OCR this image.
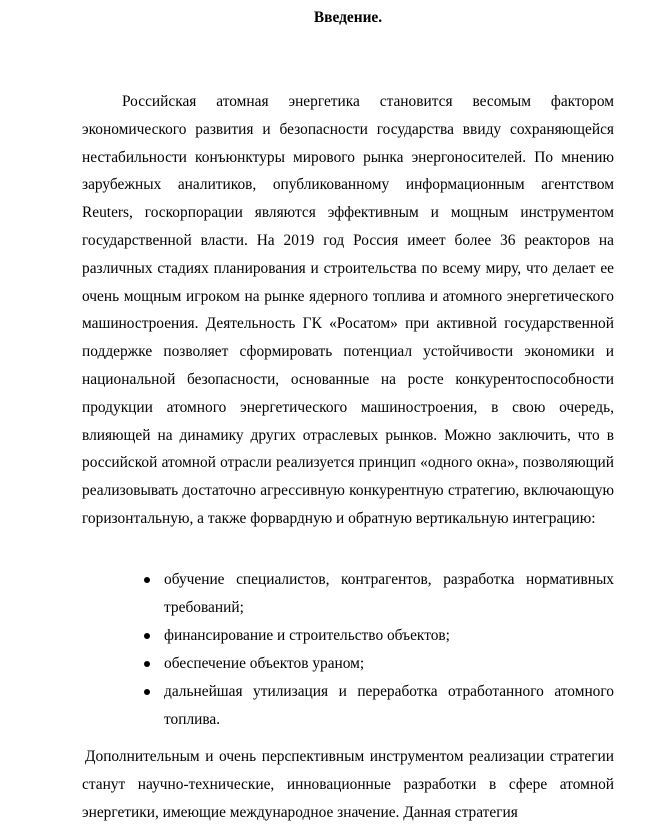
Введение.

Российская атомная энергетика становится весомым фактором экономического развития и безопасности государства ввиду сохраняющейся нестабильности конъюнктуры мирового рынка энергоносителей. По мнению зарубежных аналитиков, опубликованному информационным агентством Reuters, госкорпорации являются эффективным и мощным инструментом государственной власти. На 2019 год Россия имеет более 36 реакторов на различных стадиях планирования и строительства по всему миру, что делает ее очень мощным игроком на рынке ядерного топлива и атомного энергетического машиностроения. Деятельность ГК «Росатом» при активной государственной поддержке позволяет сформировать потенциал устойчивости экономики и национальной безопасности, основанные на росте конкурентоспособности продукции атомного энергетического машиностроения, в свою очередь, влияющей на динамику других отраслевых рынков. Можно заключить, что в российской атомной отрасли реализуется принцип «одного окна», позволяющий реализовывать достаточно агрессивную конкурентную стратегию, включающую горизонтальную, а также форвардную и обратную вертикальную интеграцию:

обучение специалистов, контрагентов, разработка нормативных требований;
финансирование и строительство объектов;
обеспечение объектов ураном;
дальнейшая утилизация и переработка отработанного атомного топлива.

Дополнительным и очень перспективным инструментом реализации стратегии станут научно-технические, инновационные разработки в сфере атомной энергетики, имеющие международное значение. Данная стратегия
